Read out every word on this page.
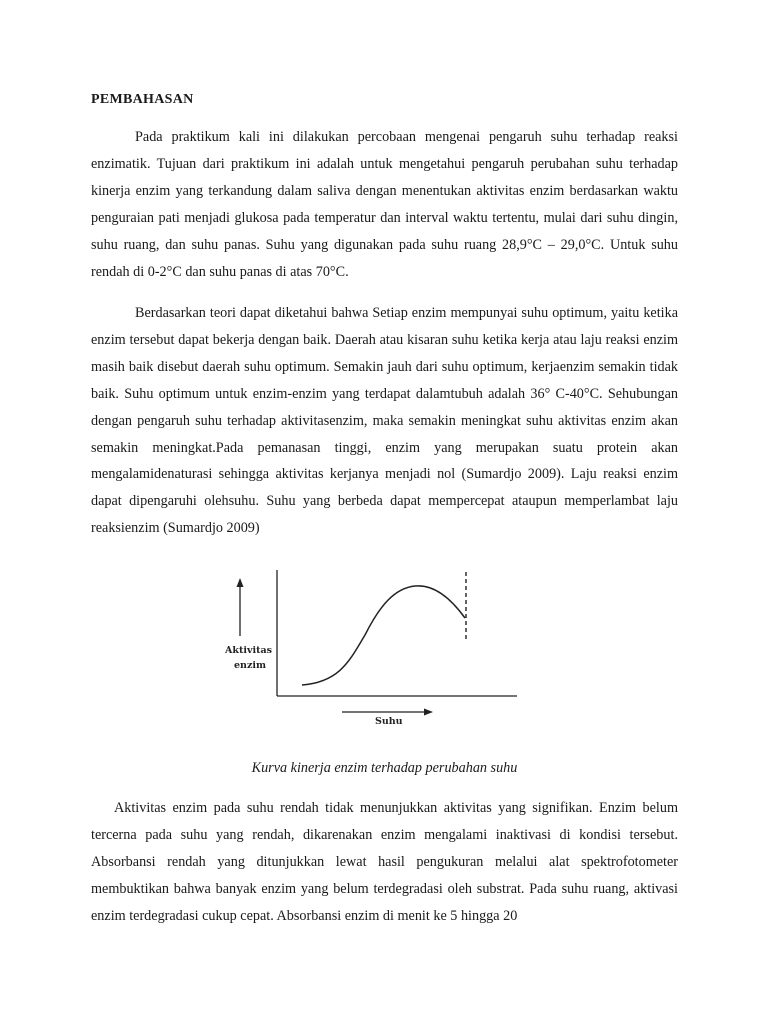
PEMBAHASAN

Pada praktikum kali ini dilakukan percobaan mengenai pengaruh suhu terhadap reaksi enzimatik. Tujuan dari praktikum ini adalah untuk mengetahui pengaruh perubahan suhu terhadap kinerja enzim yang terkandung dalam saliva dengan menentukan aktivitas enzim berdasarkan waktu penguraian pati menjadi glukosa pada temperatur dan interval waktu tertentu, mulai dari suhu dingin, suhu ruang, dan suhu panas. Suhu yang digunakan pada suhu ruang 28,9°C – 29,0°C. Untuk suhu rendah di 0-2°C dan suhu panas di atas 70°C.

Berdasarkan teori dapat diketahui bahwa Setiap enzim mempunyai suhu optimum, yaitu ketika enzim tersebut dapat bekerja dengan baik. Daerah atau kisaran suhu ketika kerja atau laju reaksi enzim masih baik disebut daerah suhu optimum. Semakin jauh dari suhu optimum, kerjaenzim semakin tidak baik. Suhu optimum untuk enzim-enzim yang terdapat dalamtubuh adalah 36° C-40°C. Sehubungan dengan pengaruh suhu terhadap aktivitasenzim, maka semakin meningkat suhu aktivitas enzim akan semakin meningkat.Pada pemanasan tinggi, enzim yang merupakan suatu protein akan mengalamidenaturasi sehingga aktivitas kerjanya menjadi nol (Sumardjo 2009). Laju reaksi enzim dapat dipengaruhi olehsuhu. Suhu yang berbeda dapat mempercepat ataupun memperlambat laju reaksienzim (Sumardjo 2009)

Aktivitas
enzim
Suhu
Kurva kinerja enzim terhadap perubahan suhu

Aktivitas enzim pada suhu rendah tidak menunjukkan aktivitas yang signifikan. Enzim belum tercerna pada suhu yang rendah, dikarenakan enzim mengalami inaktivasi di kondisi tersebut. Absorbansi rendah yang ditunjukkan lewat hasil pengukuran melalui alat spektrofotometer membuktikan bahwa banyak enzim yang belum terdegradasi oleh substrat. Pada suhu ruang, aktivasi enzim terdegradasi cukup cepat. Absorbansi enzim di menit ke 5 hingga 20
